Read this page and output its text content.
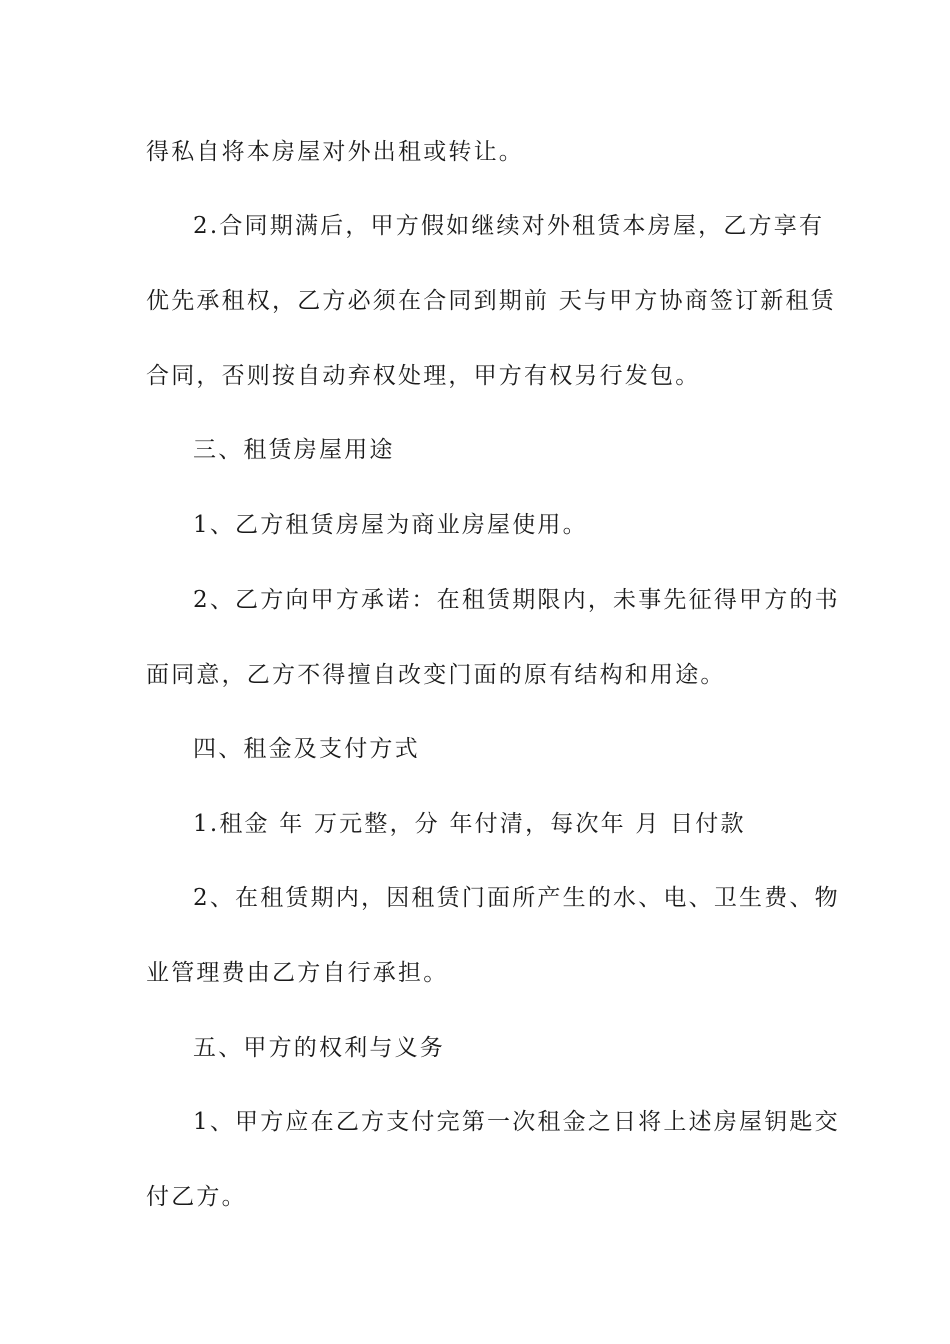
得私自将本房屋对外出租或转让。
2.合同期满后，甲方假如继续对外租赁本房屋，乙方享有
优先承租权，乙方必须在合同到期前 天与甲方协商签订新租赁
合同，否则按自动弃权处理，甲方有权另行发包。
三、租赁房屋用途
1、乙方租赁房屋为商业房屋使用。
2、乙方向甲方承诺：在租赁期限内，未事先征得甲方的书
面同意，乙方不得擅自改变门面的原有结构和用途。
四、租金及支付方式
1.租金 年 万元整，分 年付清，每次年 月 日付款
2、在租赁期内，因租赁门面所产生的水、电、卫生费、物
业管理费由乙方自行承担。
五、甲方的权利与义务
1、甲方应在乙方支付完第一次租金之日将上述房屋钥匙交
付乙方。
